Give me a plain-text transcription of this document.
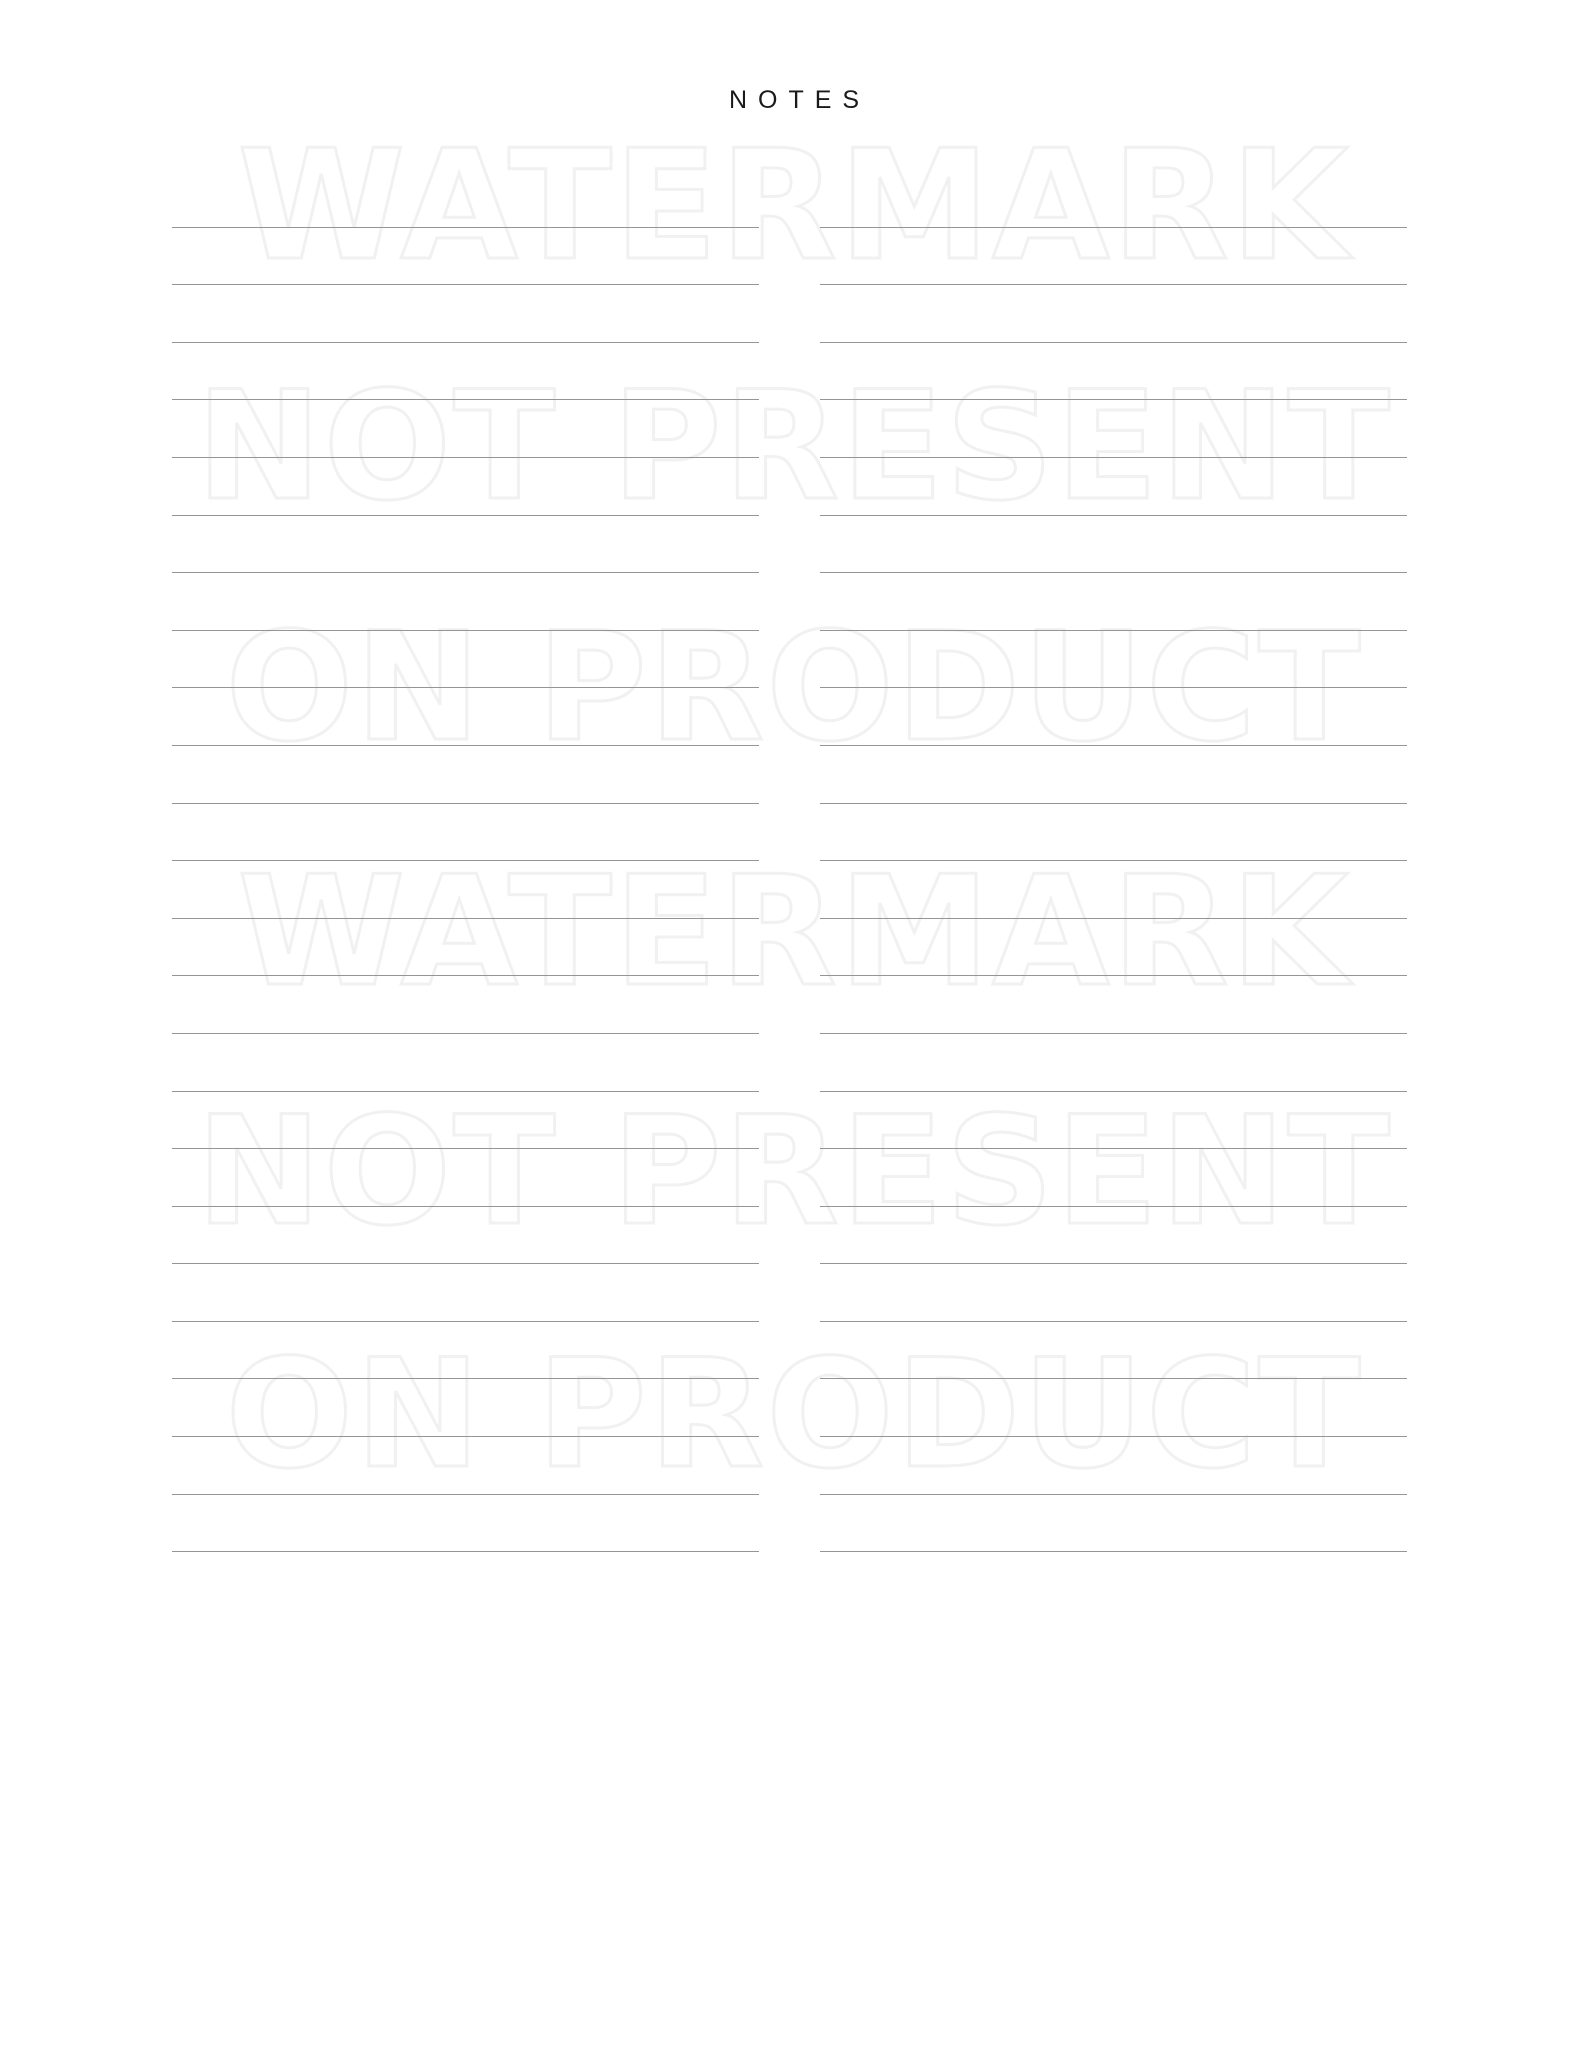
NOTES
WATERMARK
NOT PRESENT
ON PRODUCT
WATERMARK
NOT PRESENT
ON PRODUCT
